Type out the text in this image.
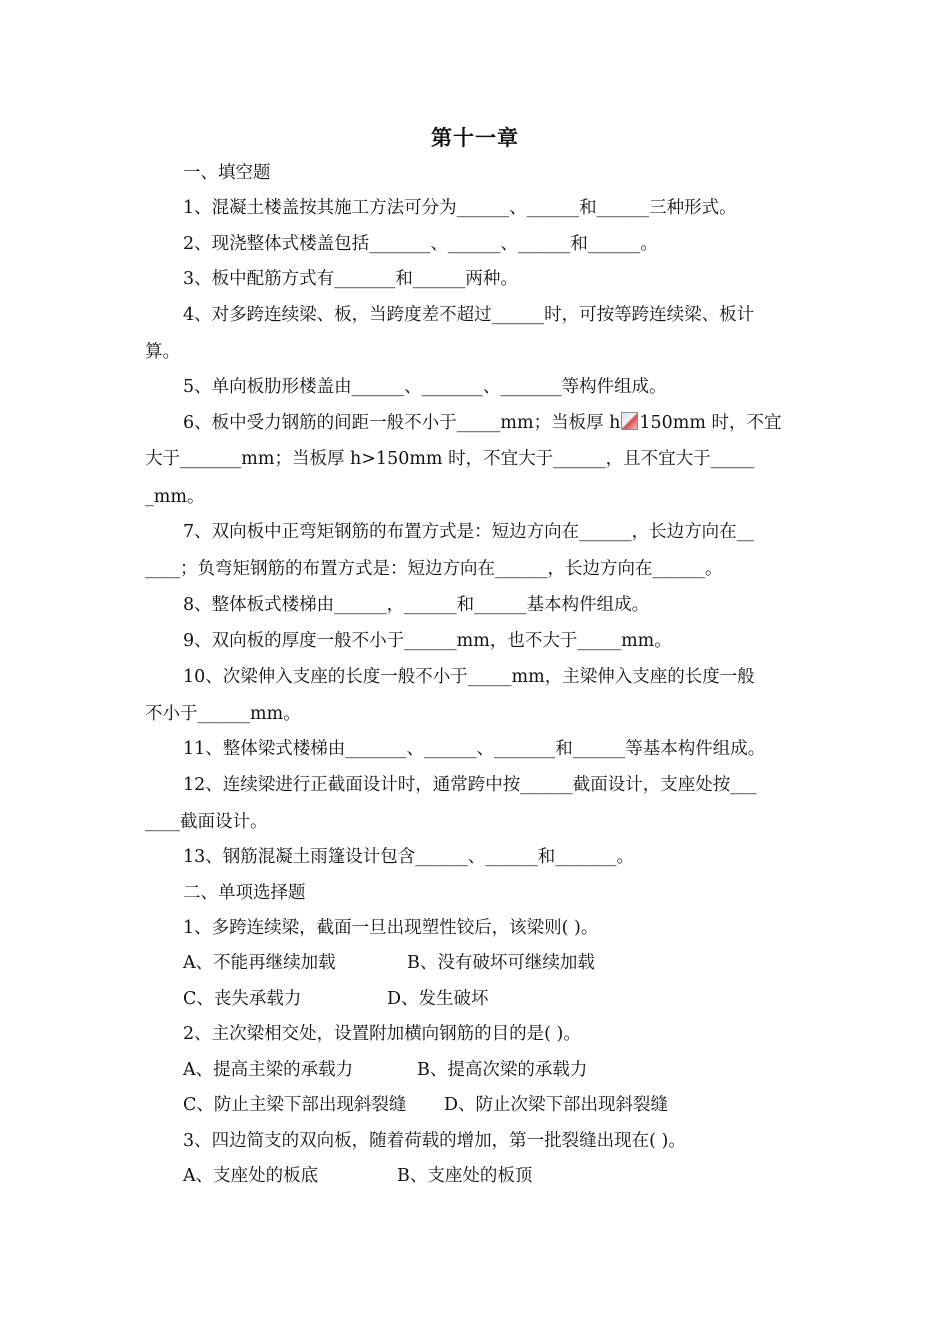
第十一章
一、填空题
1、混凝土楼盖按其施工方法可分为______、______和______三种形式。
2、现浇整体式楼盖包括_______、______、______和______。
3、板中配筋方式有_______和______两种。
4、对多跨连续梁、板，当跨度差不超过______时，可按等跨连续梁、板计
算。
5、单向板肋形楼盖由______、_______、_______等构件组成。
6、板中受力钢筋的间距一般不小于_____mm；当板厚 h 150mm 时，不宜
大于_______mm；当板厚 h>150mm 时，不宜大于______，且不宜大于_____
_mm。
7、双向板中正弯矩钢筋的布置方式是：短边方向在______，长边方向在__
____；负弯矩钢筋的布置方式是：短边方向在______，长边方向在______。
8、整体板式楼梯由______，______和______基本构件组成。
9、双向板的厚度一般不小于______mm，也不大于_____mm。
10、次梁伸入支座的长度一般不小于_____mm，主梁伸入支座的长度一般
不小于______mm。
11、整体梁式楼梯由_______、______、_______和______等基本构件组成。
12、连续梁进行正截面设计时，通常跨中按______截面设计，支座处按___
____截面设计。
13、钢筋混凝土雨篷设计包含______、______和_______。
二、单项选择题
1、多跨连续梁，截面一旦出现塑性铰后，该梁则( )。
A、不能再继续加载	B、没有破坏可继续加载
C、丧失承载力	D、发生破坏
2、主次梁相交处，设置附加横向钢筋的目的是( )。
A、提高主梁的承载力	B、提高次梁的承载力
C、防止主梁下部出现斜裂缝 D、防止次梁下部出现斜裂缝
3、四边简支的双向板，随着荷载的增加，第一批裂缝出现在( )。
A、支座处的板底	B、支座处的板顶
